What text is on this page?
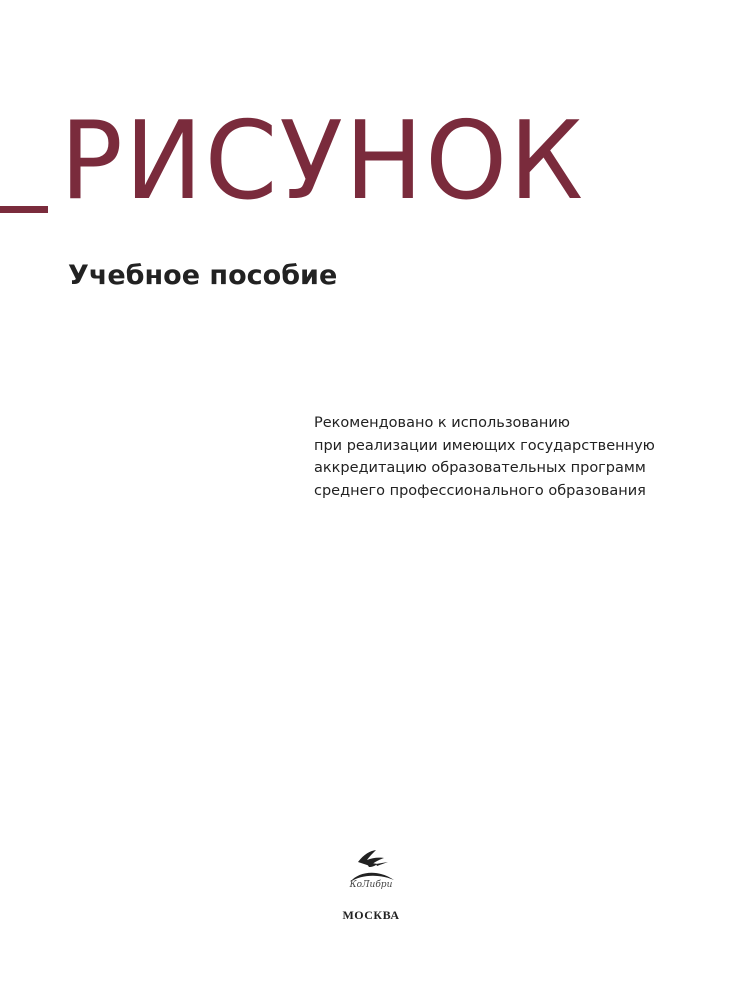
РИСУНОК
Учебное пособие
Рекомендовано к использованию
при реализации имеющих государственную
аккредитацию образовательных программ
среднего профессионального образования
КоЛибри
МОСКВА
